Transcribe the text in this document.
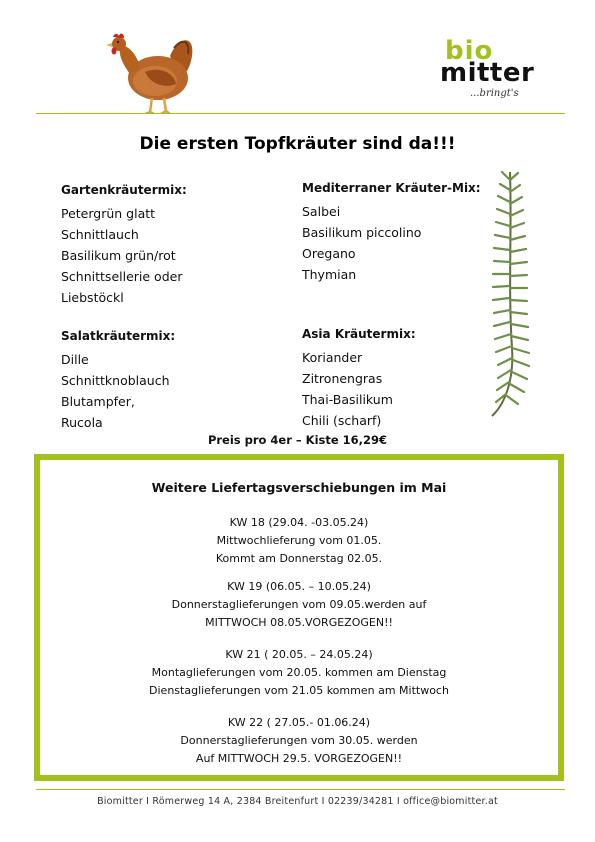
bio
mitter
...bringt's
Die ersten Topfkräuter sind da!!!
Gartenkräutermix:
Petergrün glatt
Schnittlauch
Basilikum grün/rot
Schnittsellerie oder
Liebstöckl
Mediterraner Kräuter-Mix:
Salbei
Basilikum piccolino
Oregano
Thymian
Salatkräutermix:
Dille
Schnittknoblauch
Blutampfer,
Rucola
Asia Kräutermix:
Koriander
Zitronengras
Thai-Basilikum
Chili (scharf)
Preis pro 4er – Kiste 16,29€
Weitere Liefertagsverschiebungen im Mai
KW 18 (29.04. -03.05.24)
Mittwochlieferung vom 01.05.
Kommt am Donnerstag 02.05.
KW 19 (06.05. – 10.05.24)
Donnerstaglieferungen vom 09.05.werden auf
MITTWOCH 08.05.VORGEZOGEN!!
KW 21 ( 20.05. – 24.05.24)
Montaglieferungen vom 20.05. kommen am Dienstag
Dienstaglieferungen vom 21.05 kommen am Mittwoch
KW 22 ( 27.05.- 01.06.24)
Donnerstaglieferungen vom 30.05. werden
Auf MITTWOCH 29.5. VORGEZOGEN!!
Biomitter I Römerweg 14 A, 2384 Breitenfurt I 02239/34281 I office@biomitter.at
